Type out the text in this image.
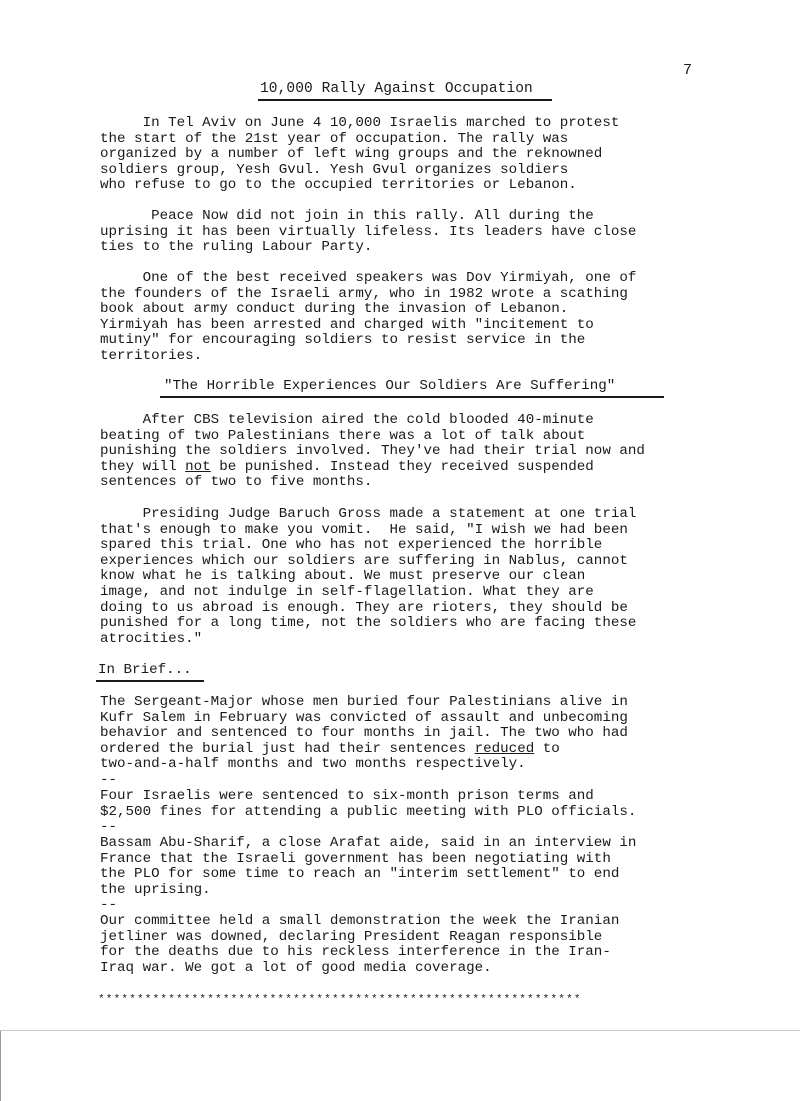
7
10,000 Rally Against Occupation
In Tel Aviv on June 4 10,000 Israelis marched to protest
the start of the 21st year of occupation. The rally was
organized by a number of left wing groups and the reknowned
soldiers group, Yesh Gvul. Yesh Gvul organizes soldiers
who refuse to go to the occupied territories or Lebanon.
Peace Now did not join in this rally. All during the
uprising it has been virtually lifeless. Its leaders have close
ties to the ruling Labour Party.
One of the best received speakers was Dov Yirmiyah, one of
the founders of the Israeli army, who in 1982 wrote a scathing
book about army conduct during the invasion of Lebanon.
Yirmiyah has been arrested and charged with "incitement to
mutiny" for encouraging soldiers to resist service in the
territories.
"The Horrible Experiences Our Soldiers Are Suffering"
After CBS television aired the cold blooded 40-minute
beating of two Palestinians there was a lot of talk about
punishing the soldiers involved. They've had their trial now and
they will not be punished. Instead they received suspended
sentences of two to five months.
Presiding Judge Baruch Gross made a statement at one trial
that's enough to make you vomit.  He said, "I wish we had been
spared this trial. One who has not experienced the horrible
experiences which our soldiers are suffering in Nablus, cannot
know what he is talking about. We must preserve our clean
image, and not indulge in self-flagellation. What they are
doing to us abroad is enough. They are rioters, they should be
punished for a long time, not the soldiers who are facing these
atrocities."
In Brief...
The Sergeant-Major whose men buried four Palestinians alive in
Kufr Salem in February was convicted of assault and unbecoming
behavior and sentenced to four months in jail. The two who had
ordered the burial just had their sentences reduced to
two-and-a-half months and two months respectively.
--
Four Israelis were sentenced to six-month prison terms and
$2,500 fines for attending a public meeting with PLO officials.
--
Bassam Abu-Sharif, a close Arafat aide, said in an interview in
France that the Israeli government has been negotiating with
the PLO for some time to reach an "interim settlement" to end
the uprising.
--
Our committee held a small demonstration the week the Iranian
jetliner was downed, declaring President Reagan responsible
for the deaths due to his reckless interference in the Iran-
Iraq war. We got a lot of good media coverage.
**************************************************************
